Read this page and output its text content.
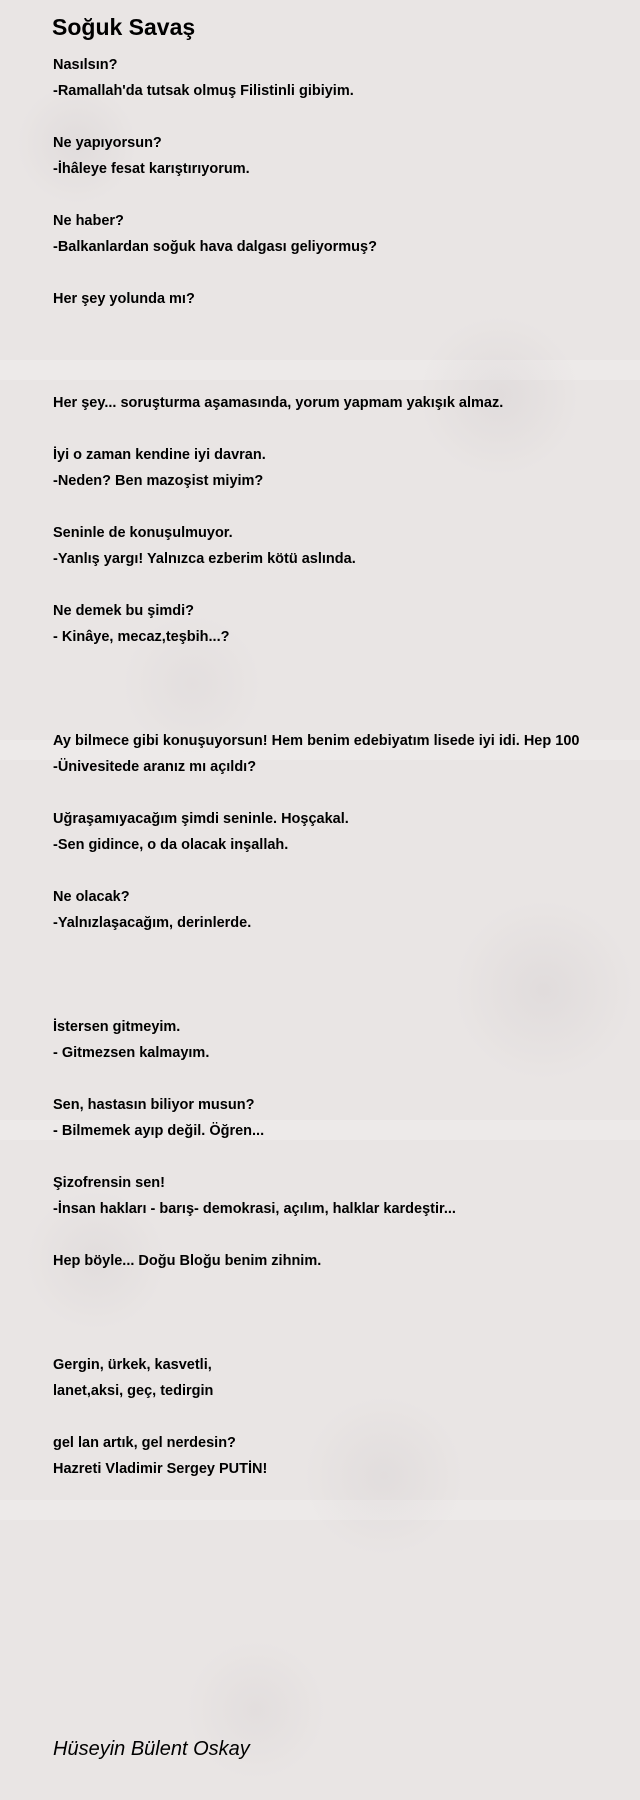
Soğuk Savaş
Nasılsın?
-Ramallah'da tutsak olmuş Filistinli gibiyim.
Ne yapıyorsun?
-İhâleye fesat karıştırıyorum.
Ne haber?
-Balkanlardan soğuk hava dalgası geliyormuş?
Her şey yolunda mı?
Her şey... soruşturma aşamasında, yorum yapmam yakışık almaz.
İyi o zaman kendine iyi davran.
-Neden? Ben mazoşist miyim?
Seninle de konuşulmuyor.
-Yanlış yargı! Yalnızca ezberim kötü aslında.
Ne demek bu şimdi?
- Kinâye, mecaz,teşbih...?
Ay bilmece gibi konuşuyorsun! Hem benim edebiyatım lisede iyi idi. Hep 100
-Ünivesitede aranız mı açıldı?
Uğraşamıyacağım şimdi seninle. Hoşçakal.
-Sen gidince, o da olacak inşallah.
Ne olacak?
-Yalnızlaşacağım, derinlerde.
İstersen gitmeyim.
- Gitmezsen kalmayım.
Sen, hastasın biliyor musun?
- Bilmemek ayıp değil. Öğren...
Şizofrensin sen!
-İnsan hakları - barış- demokrasi, açılım, halklar kardeştir...
Hep böyle... Doğu Bloğu benim zihnim.
Gergin, ürkek, kasvetli,
lanet,aksi, geç, tedirgin
gel lan artık, gel nerdesin?
Hazreti Vladimir Sergey PUTİN!
Hüseyin Bülent Oskay
